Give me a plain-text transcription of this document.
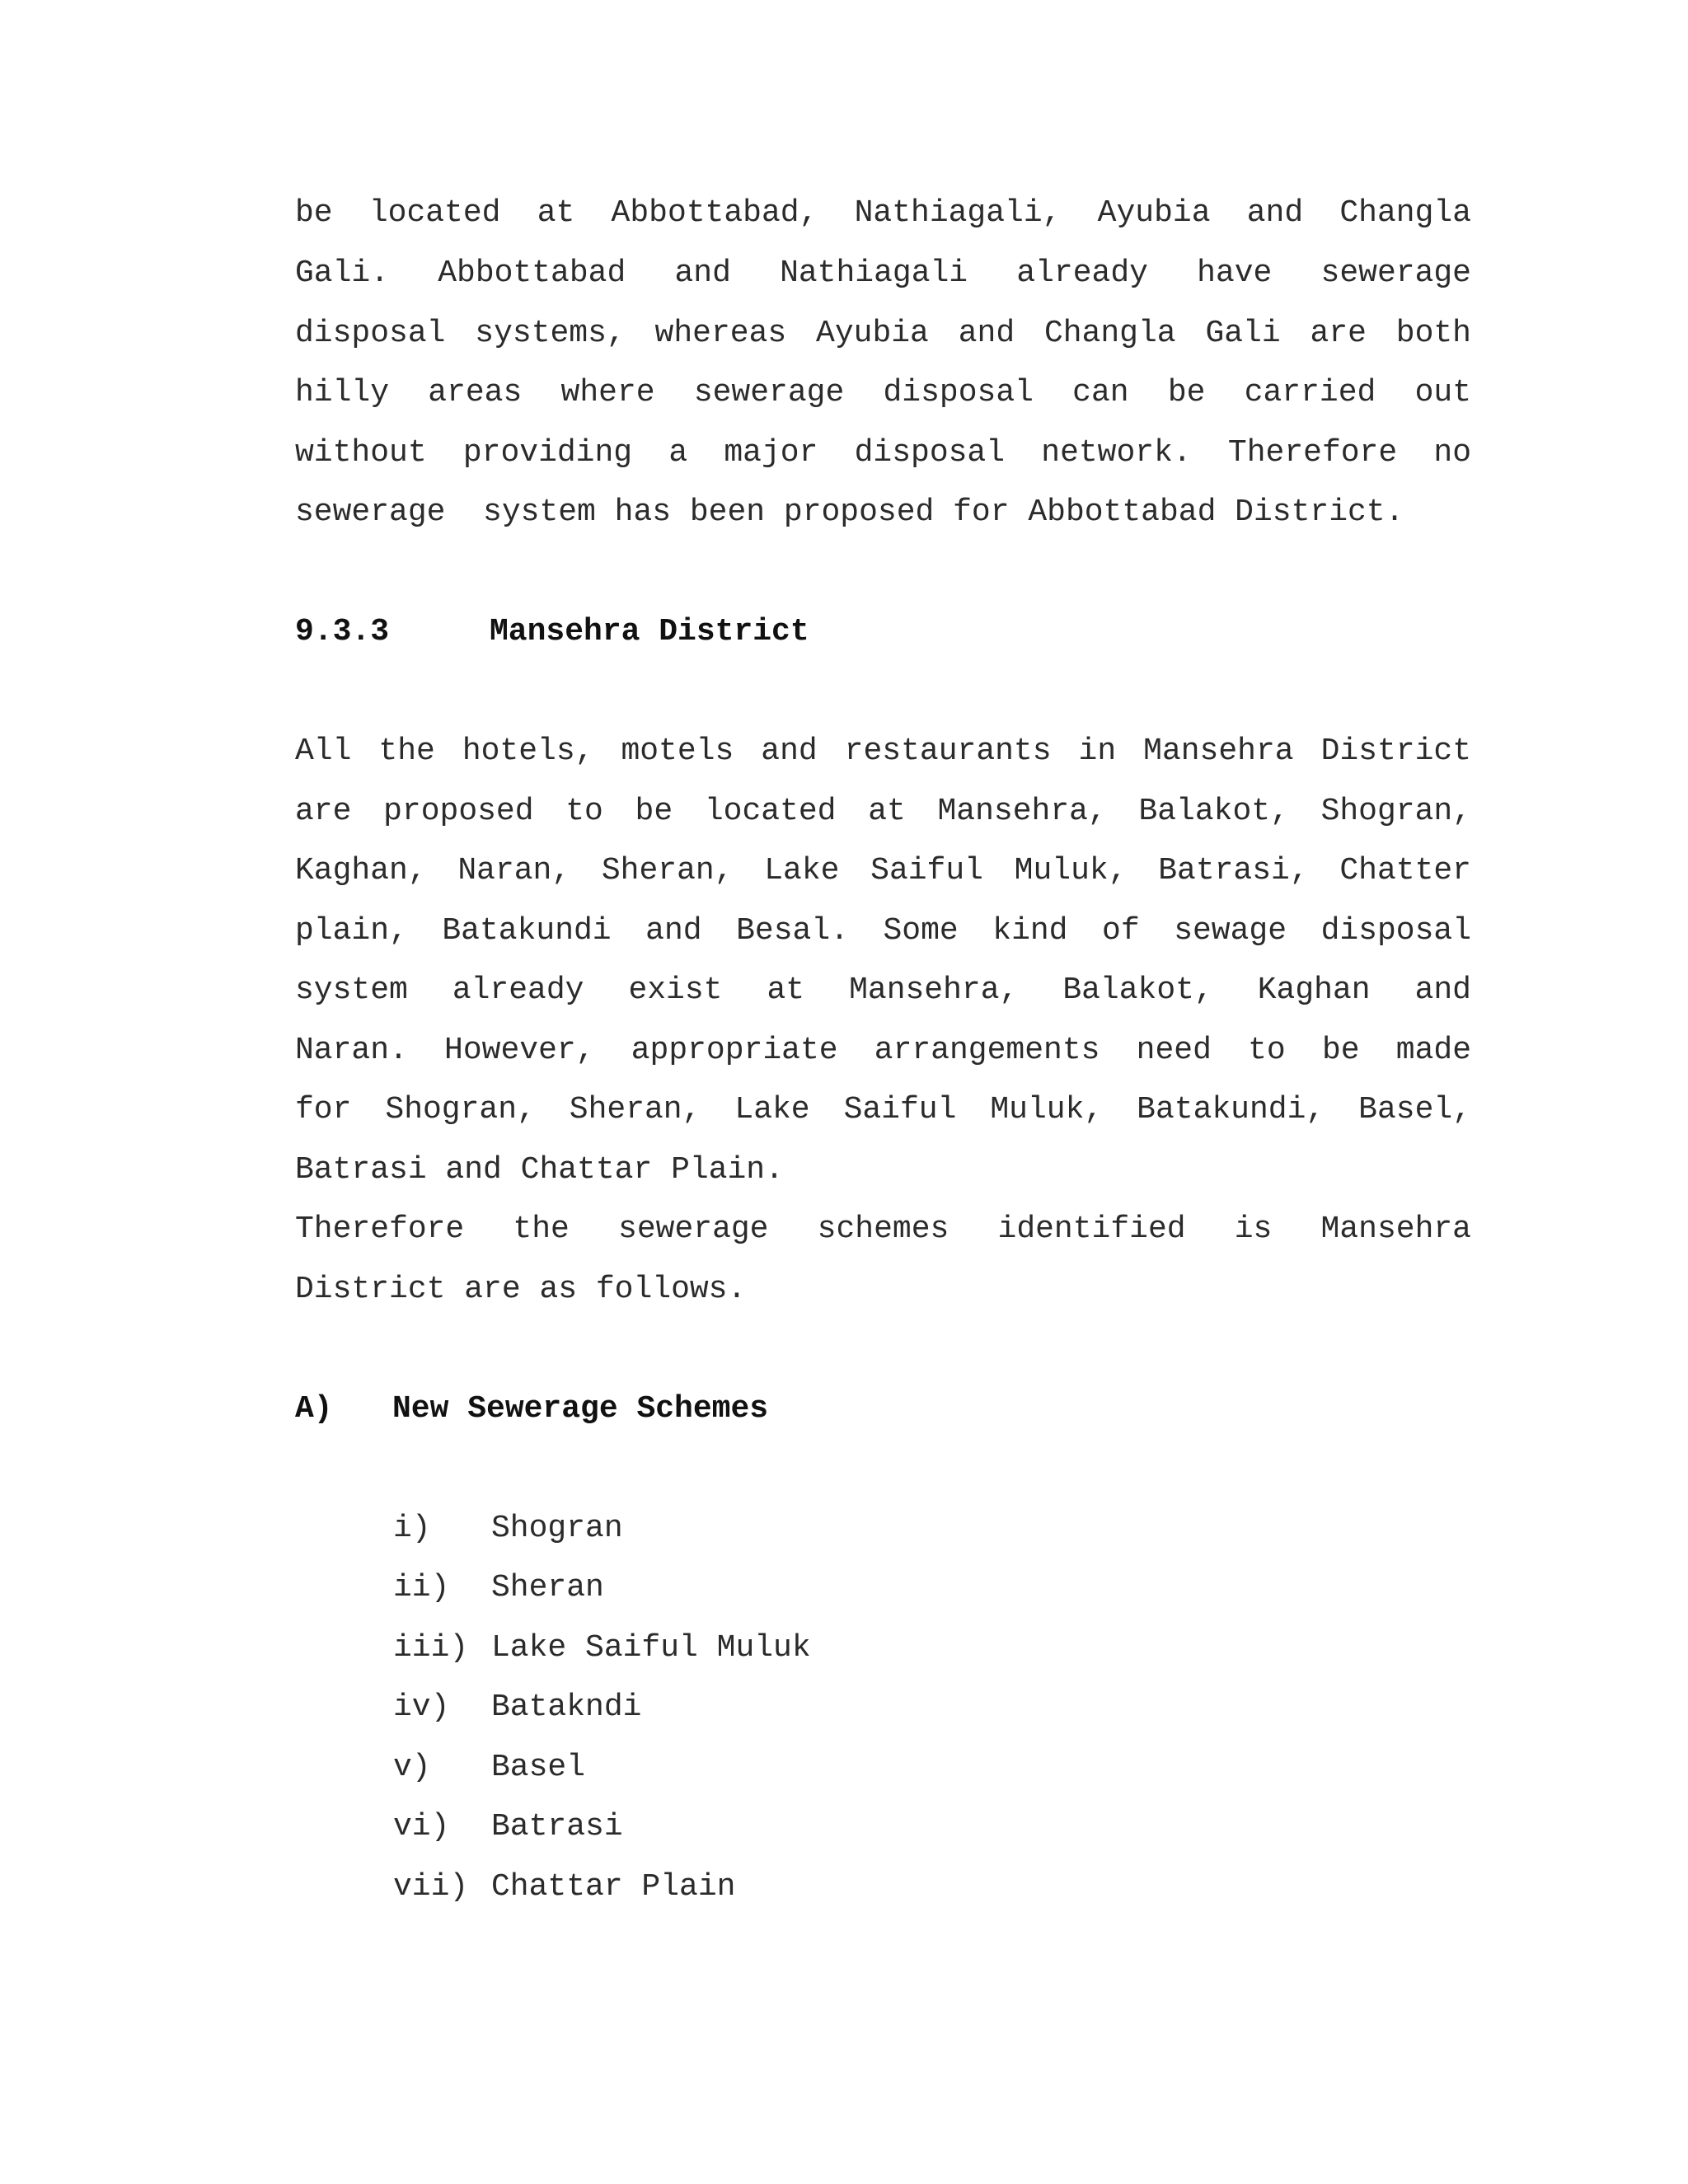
be located at Abbottabad, Nathiagali, Ayubia and Changla
Gali. Abbottabad and Nathiagali already have sewerage
disposal systems, whereas Ayubia and Changla Gali are both
hilly areas where sewerage disposal can be carried out
without providing a major disposal network. Therefore no
sewerage  system has been proposed for Abbottabad District.
9.3.3	Mansehra District
All the hotels, motels and restaurants in Mansehra District
are proposed to be located at Mansehra, Balakot, Shogran,
Kaghan, Naran, Sheran, Lake Saiful Muluk, Batrasi, Chatter
plain, Batakundi and Besal. Some kind of sewage disposal
system already exist at Mansehra, Balakot, Kaghan and
Naran. However, appropriate arrangements need to be made
for Shogran, Sheran, Lake Saiful Muluk, Batakundi, Basel,
Batrasi and Chattar Plain.
Therefore the sewerage schemes identified is Mansehra
District are as follows.
A) New Sewerage Schemes
i) Shogran
ii) Sheran
iii) Lake Saiful Muluk
iv) Batakndi
v) Basel
vi) Batrasi
vii) Chattar Plain
